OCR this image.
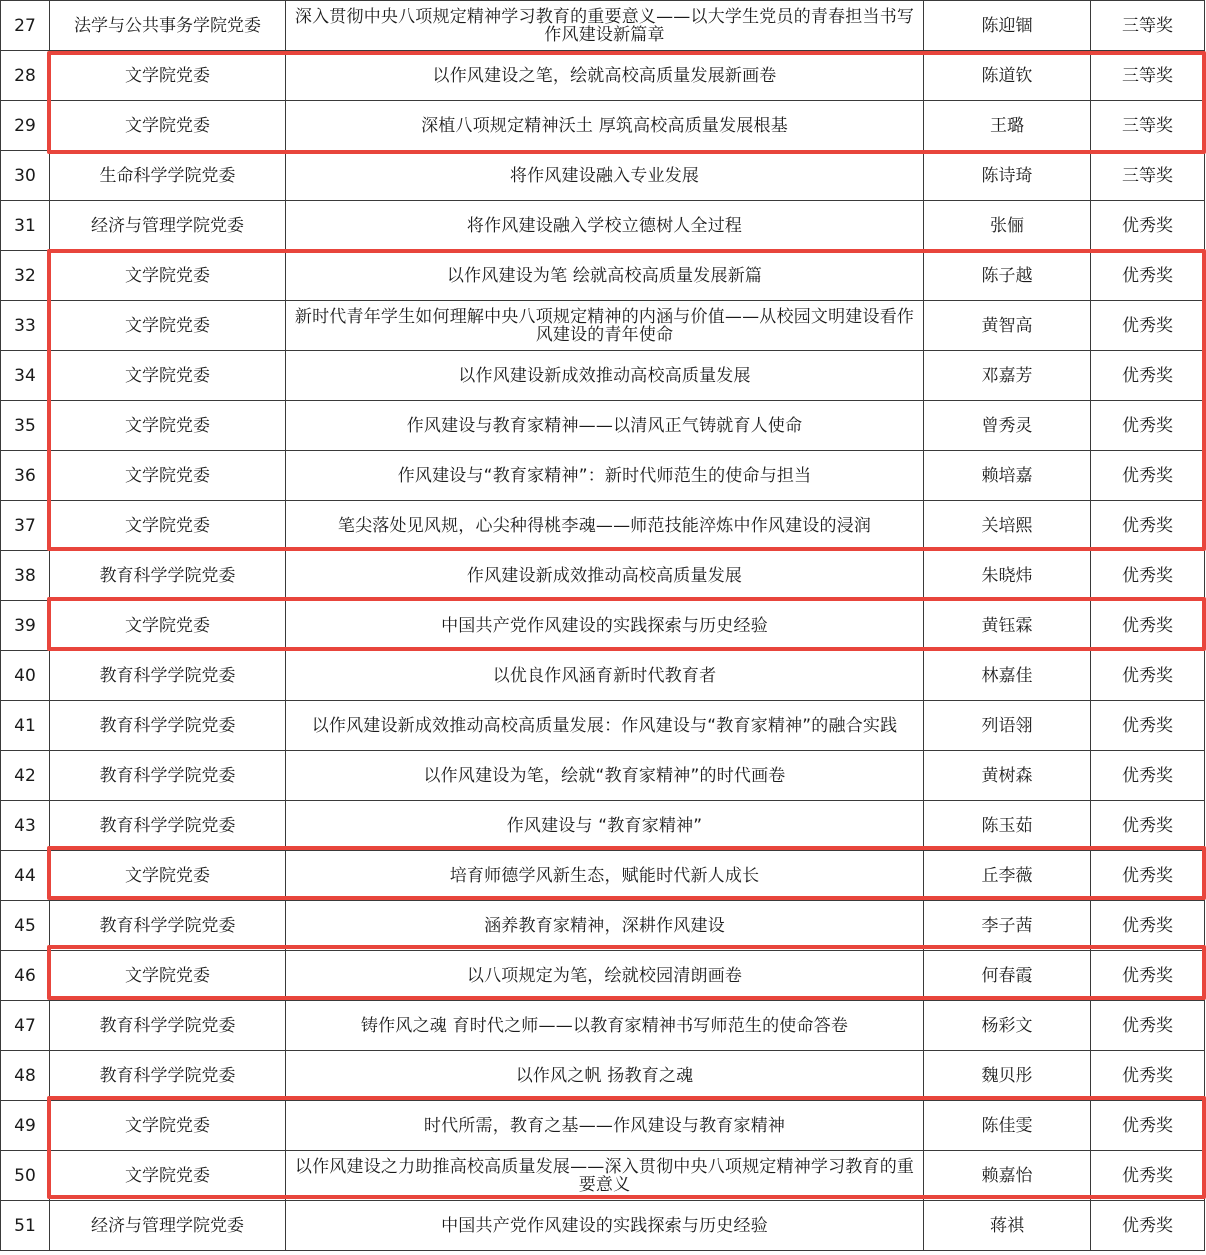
27	法学与公共事务学院党委	深入贯彻中央八项规定精神学习教育的重要意义——以大学生党员的青春担当书写作风建设新篇章	陈迎锢	三等奖
28	文学院党委	以作风建设之笔，绘就高校高质量发展新画卷	陈道钦	三等奖
29	文学院党委	深植八项规定精神沃土 厚筑高校高质量发展根基	王璐	三等奖
30	生命科学学院党委	将作风建设融入专业发展	陈诗琦	三等奖
31	经济与管理学院党委	将作风建设融入学校立德树人全过程	张俪	优秀奖
32	文学院党委	以作风建设为笔 绘就高校高质量发展新篇	陈子越	优秀奖
33	文学院党委	新时代青年学生如何理解中央八项规定精神的内涵与价值——从校园文明建设看作风建设的青年使命	黄智高	优秀奖
34	文学院党委	以作风建设新成效推动高校高质量发展	邓嘉芳	优秀奖
35	文学院党委	作风建设与教育家精神——以清风正气铸就育人使命	曾秀灵	优秀奖
36	文学院党委	作风建设与“教育家精神”：新时代师范生的使命与担当	赖培嘉	优秀奖
37	文学院党委	笔尖落处见风规，心尖种得桃李魂——师范技能淬炼中作风建设的浸润	关培熙	优秀奖
38	教育科学学院党委	作风建设新成效推动高校高质量发展	朱晓炜	优秀奖
39	文学院党委	中国共产党作风建设的实践探索与历史经验	黄钰霖	优秀奖
40	教育科学学院党委	以优良作风涵育新时代教育者	林嘉佳	优秀奖
41	教育科学学院党委	以作风建设新成效推动高校高质量发展：作风建设与“教育家精神”的融合实践	列语翎	优秀奖
42	教育科学学院党委	以作风建设为笔，绘就“教育家精神”的时代画卷	黄树森	优秀奖
43	教育科学学院党委	作风建设与 “教育家精神”	陈玉茹	优秀奖
44	文学院党委	培育师德学风新生态，赋能时代新人成长	丘李薇	优秀奖
45	教育科学学院党委	涵养教育家精神，深耕作风建设	李子茜	优秀奖
46	文学院党委	以八项规定为笔，绘就校园清朗画卷	何春霞	优秀奖
47	教育科学学院党委	铸作风之魂 育时代之师——以教育家精神书写师范生的使命答卷	杨彩文	优秀奖
48	教育科学学院党委	以作风之帆 扬教育之魂	魏贝彤	优秀奖
49	文学院党委	时代所需，教育之基——作风建设与教育家精神	陈佳雯	优秀奖
50	文学院党委	以作风建设之力助推高校高质量发展——深入贯彻中央八项规定精神学习教育的重要意义	赖嘉怡	优秀奖
51	经济与管理学院党委	中国共产党作风建设的实践探索与历史经验	蒋祺	优秀奖
